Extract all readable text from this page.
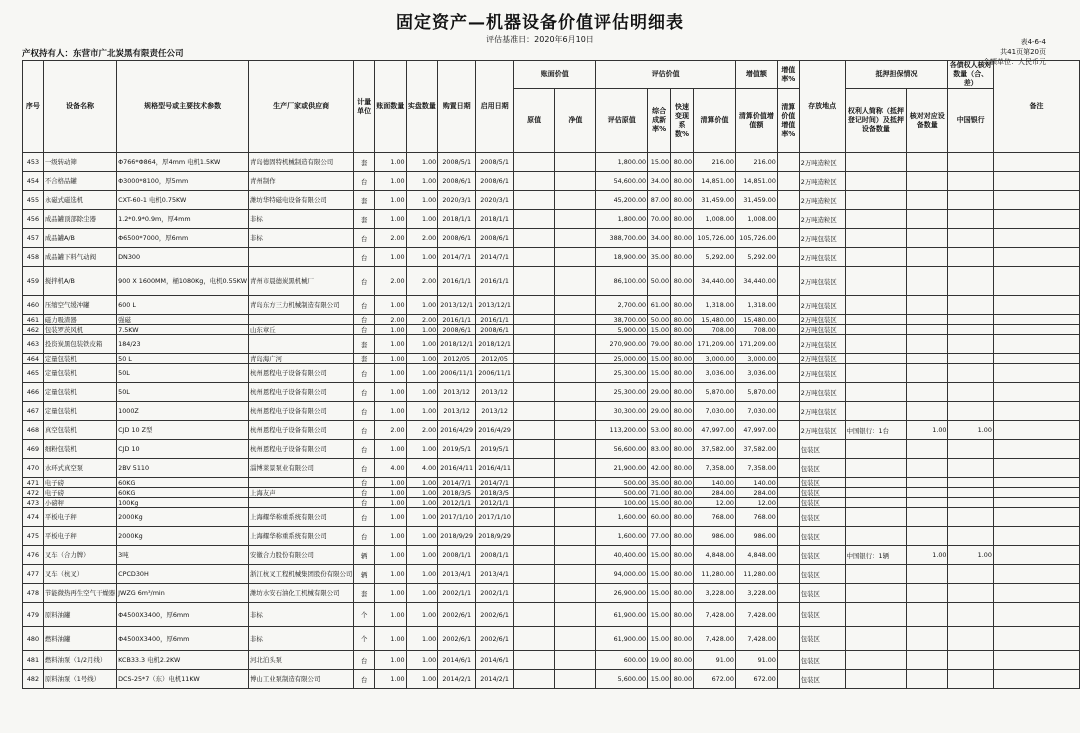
固定资产—机器设备价值评估明细表
评估基准日：2020年6月10日
产权持有人：东营市广北炭黑有限责任公司
表4-6-4
共41页第20页
金额单位：人民币元
序号	设备名称	规格型号或主要技术参数	生产厂家或供应商	计量单位	账面数量	实盘数量	购置日期	启用日期	账面价值		评估价值				增值额	增值率%	存放地点	抵押担保情况		各债权人核对数量（合、差）	备注
									原值	净值	评估原值	综合成新率%	快速变现系数%	清算价值	清算价值增值额	清算价值增值率%		权利人简称（抵押登记时间）及抵押设备数量	核对对应设备数量	中国银行	
453	一级转动筛	Φ766*Φ864，厚4mm 电机1.5KW	青岛德固特机械制造有限公司	套	1.00	1.00	2008/5/1	2008/5/1			1,800.00	15.00	80.00	216.00	216.00		2万吨造粒区				
454	不合格品罐	Φ3000*8100，厚5mm	青州制作	台	1.00	1.00	2008/6/1	2008/6/1			54,600.00	34.00	80.00	14,851.00	14,851.00		2万吨造粒区				
455	永磁式磁选机	CXT-60-1 电机0.75KW	潍坊华特磁电设备有限公司	套	1.00	1.00	2020/3/1	2020/3/1			45,200.00	87.00	80.00	31,459.00	31,459.00		2万吨造粒区				
456	成品罐顶部除尘器	1.2*0.9*0.9m，厚4mm	非标	套	1.00	1.00	2018/1/1	2018/1/1			1,800.00	70.00	80.00	1,008.00	1,008.00		2万吨造粒区				
457	成品罐A/B	Φ6500*7000，厚6mm	非标	台	2.00	2.00	2008/6/1	2008/6/1			388,700.00	34.00	80.00	105,726.00	105,726.00		2万吨包装区				
458	成品罐下料气动阀	DN300		台	1.00	1.00	2014/7/1	2014/7/1			18,900.00	35.00	80.00	5,292.00	5,292.00		2万吨包装区				
459	搅拌机A/B	900 X 1600MM，桶1080Kg，电机0.55KW	青州市晨德炭黑机械厂	台	2.00	2.00	2016/1/1	2016/1/1			86,100.00	50.00	80.00	34,440.00	34,440.00		2万吨包装区				
460	压缩空气缓冲罐	600 L	青岛东方三力机械制造有限公司	台	1.00	1.00	2013/12/1	2013/12/1			2,700.00	61.00	80.00	1,318.00	1,318.00		2万吨包装区				
461	磁力吸渣器	强磁		台	2.00	2.00	2016/1/1	2016/1/1			38,700.00	50.00	80.00	15,480.00	15,480.00		2万吨包装区				
462	包装罗茨风机	7.5KW	山东章丘	台	1.00	1.00	2008/6/1	2008/6/1			5,900.00	15.00	80.00	708.00	708.00		2万吨包装区				
463	投资炭黑包装铁皮箱	184/23		套	1.00	1.00	2018/12/1	2018/12/1			270,900.00	79.00	80.00	171,209.00	171,209.00		2万吨包装区				
464	定量包装机	50 L	青岛海广河	套	1.00	1.00	2012/05	2012/05			25,000.00	15.00	80.00	3,000.00	3,000.00		2万吨包装区				
465	定量包装机	50L	杭州恩程电子设备有限公司	台	1.00	1.00	2006/11/1	2006/11/1			25,300.00	15.00	80.00	3,036.00	3,036.00		2万吨包装区				
466	定量包装机	50L	杭州恩程电子设备有限公司	台	1.00	1.00	2013/12	2013/12			25,300.00	29.00	80.00	5,870.00	5,870.00		2万吨包装区				
467	定量包装机	1000Z	杭州恩程电子设备有限公司	台	1.00	1.00	2013/12	2013/12			30,300.00	29.00	80.00	7,030.00	7,030.00		2万吨包装区				
468	真空包装机	CJD 10 Z型	杭州恩程电子设备有限公司	台	2.00	2.00	2016/4/29	2016/4/29			113,200.00	53.00	80.00	47,997.00	47,997.00		2万吨包装区	中国银行：1台	1.00	1.00	
469	细粉包装机	CJD 10	杭州恩程电子设备有限公司	台	1.00	1.00	2019/5/1	2019/5/1			56,600.00	83.00	80.00	37,582.00	37,582.00		包装区				
470	水环式真空泵	2BV 5110	淄博莱景泵业有限公司	台	4.00	4.00	2016/4/11	2016/4/11			21,900.00	42.00	80.00	7,358.00	7,358.00		包装区				
471	电子磅	60KG		台	1.00	1.00	2014/7/1	2014/7/1			500.00	35.00	80.00	140.00	140.00		包装区				
472	电子磅	60KG	上海友声	台	1.00	1.00	2018/3/5	2018/3/5			500.00	71.00	80.00	284.00	284.00		包装区				
473	小磅秤	100Kg		台	1.00	1.00	2012/1/1	2012/1/1			100.00	15.00	80.00	12.00	12.00		包装区				
474	平板电子秤	2000Kg	上海耀华称重系统有限公司	台	1.00	1.00	2017/1/10	2017/1/10			1,600.00	60.00	80.00	768.00	768.00		包装区				
475	平板电子秤	2000Kg	上海耀华称重系统有限公司	台	1.00	1.00	2018/9/29	2018/9/29			1,600.00	77.00	80.00	986.00	986.00		包装区				
476	叉车（合力牌）	3吨	安徽合力股份有限公司	辆	1.00	1.00	2008/1/1	2008/1/1			40,400.00	15.00	80.00	4,848.00	4,848.00		包装区	中国银行：1辆	1.00	1.00	
477	叉车（杭叉）	CPCD30H	浙江杭叉工程机械集团股份有限公司	辆	1.00	1.00	2013/4/1	2013/4/1			94,000.00	15.00	80.00	11,280.00	11,280.00		包装区				
478	节能微热再生空气干燥器	JWZG 6m³/min	潍坊水安石油化工机械有限公司	套	1.00	1.00	2002/1/1	2002/1/1			26,900.00	15.00	80.00	3,228.00	3,228.00		包装区				
479	原料油罐	Φ4500X3400，厚6mm	非标	个	1.00	1.00	2002/6/1	2002/6/1			61,900.00	15.00	80.00	7,428.00	7,428.00		包装区				
480	燃料油罐	Φ4500X3400，厚6mm	非标	个	1.00	1.00	2002/6/1	2002/6/1			61,900.00	15.00	80.00	7,428.00	7,428.00		包装区				
481	燃料油泵（1/2月线）	KCB33.3 电机2.2KW	河北泊头泵	台	1.00	1.00	2014/6/1	2014/6/1			600.00	19.00	80.00	91.00	91.00		包装区				
482	原料油泵（1号线）	DCS-25*7（东）电机11KW	博山工业泵制造有限公司	台	1.00	1.00	2014/2/1	2014/2/1			5,600.00	15.00	80.00	672.00	672.00		包装区				
